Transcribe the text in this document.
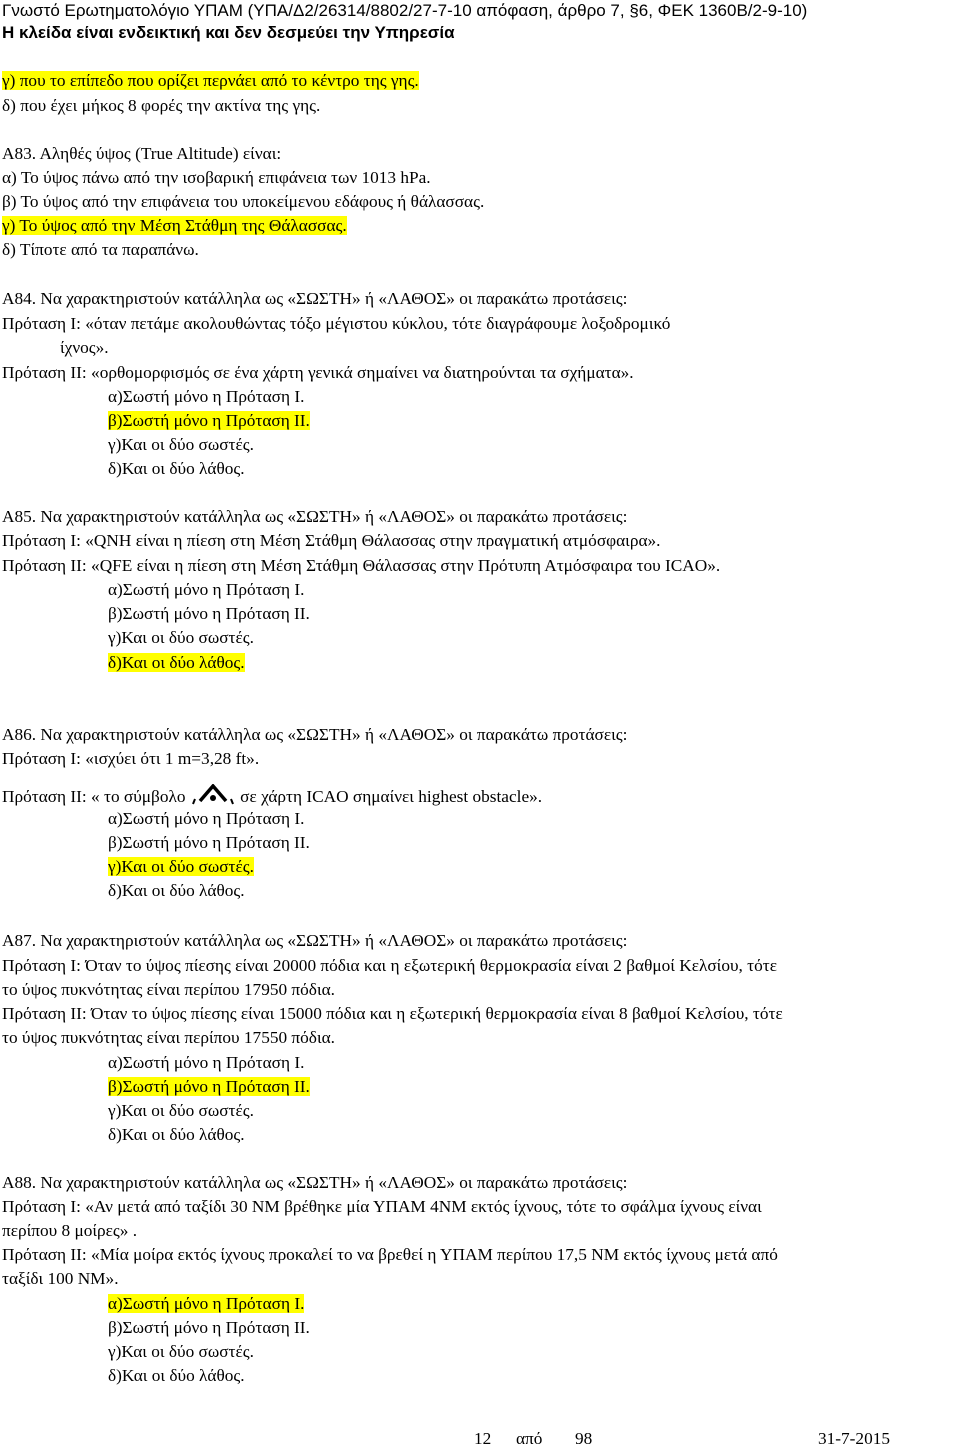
Γνωστό Ερωτηματολόγιο ΥΠΑΜ (ΥΠΑ/Δ2/26314/8802/27-7-10 απόφαση, άρθρο 7, §6, ΦΕΚ 1360Β/2-9-10)
Η κλείδα είναι ενδεικτική και δεν δεσμεύει την Υπηρεσία
γ) που το επίπεδο που ορίζει περνάει από το κέντρο της γης.
δ) που έχει μήκος 8 φορές την ακτίνα της γης.
Α83. Αληθές ύψος (True Altitude) είναι:
α) Το ύψος πάνω από την ισοβαρική επιφάνεια των 1013 hPa.
β) Το ύψος από την επιφάνεια του υποκείμενου εδάφους ή θάλασσας.
γ) Το ύψος από την Μέση Στάθμη της Θάλασσας.
δ) Τίποτε από τα παραπάνω.
Α84. Να χαρακτηριστούν κατάλληλα ως «ΣΩΣΤΗ» ή «ΛΑΘΟΣ» οι παρακάτω προτάσεις:
Πρόταση Ι: «όταν πετάμε ακολουθώντας τόξο μέγιστου κύκλου, τότε διαγράφουμε λοξοδρομικό
ίχνος».
Πρόταση ΙΙ: «ορθομορφισμός σε ένα χάρτη γενικά σημαίνει να διατηρούνται τα σχήματα».
α)Σωστή μόνο η Πρόταση Ι.
β)Σωστή μόνο η Πρόταση ΙΙ.
γ)Και οι δύο σωστές.
δ)Και οι δύο λάθος.
Α85. Να χαρακτηριστούν κατάλληλα ως «ΣΩΣΤΗ» ή «ΛΑΘΟΣ» οι παρακάτω προτάσεις:
Πρόταση Ι: «QNH είναι η πίεση στη Μέση Στάθμη Θάλασσας στην πραγματική ατμόσφαιρα».
Πρόταση ΙΙ: «QFE είναι η πίεση στη Μέση Στάθμη Θάλασσας στην Πρότυπη Ατμόσφαιρα του ICAO».
α)Σωστή μόνο η Πρόταση Ι.
β)Σωστή μόνο η Πρόταση ΙΙ.
γ)Και οι δύο σωστές.
δ)Και οι δύο λάθος.
Α86. Να χαρακτηριστούν κατάλληλα ως «ΣΩΣΤΗ» ή «ΛΑΘΟΣ» οι παρακάτω προτάσεις:
Πρόταση Ι: «ισχύει ότι 1 m=3,28 ft».
Πρόταση ΙΙ: « το σύμβολο	σε χάρτη ICAO σημαίνει highest obstacle».
α)Σωστή μόνο η Πρόταση Ι.
β)Σωστή μόνο η Πρόταση ΙΙ.
γ)Και οι δύο σωστές.
δ)Και οι δύο λάθος.
Α87. Να χαρακτηριστούν κατάλληλα ως «ΣΩΣΤΗ» ή «ΛΑΘΟΣ» οι παρακάτω προτάσεις:
Πρόταση Ι: Όταν το ύψος πίεσης είναι 20000 πόδια και η εξωτερική θερμοκρασία είναι 2 βαθμοί Κελσίου, τότε
το ύψος πυκνότητας είναι περίπου 17950 πόδια.
Πρόταση ΙΙ: Όταν το ύψος πίεσης είναι 15000 πόδια και η εξωτερική θερμοκρασία είναι 8 βαθμοί Κελσίου, τότε
το ύψος πυκνότητας είναι περίπου 17550 πόδια.
α)Σωστή μόνο η Πρόταση Ι.
β)Σωστή μόνο η Πρόταση ΙΙ.
γ)Και οι δύο σωστές.
δ)Και οι δύο λάθος.
Α88. Να χαρακτηριστούν κατάλληλα ως «ΣΩΣΤΗ» ή «ΛΑΘΟΣ» οι παρακάτω προτάσεις:
Πρόταση Ι: «Αν μετά από ταξίδι 30 NM βρέθηκε μία ΥΠΑΜ 4NM εκτός ίχνους, τότε το σφάλμα ίχνους είναι
περίπου 8 μοίρες» .
Πρόταση ΙΙ: «Μία μοίρα εκτός ίχνους προκαλεί το να βρεθεί η ΥΠΑΜ περίπου 17,5 NM εκτός ίχνους μετά από
ταξίδι 100 NM».
α)Σωστή μόνο η Πρόταση Ι.
β)Σωστή μόνο η Πρόταση ΙΙ.
γ)Και οι δύο σωστές.
δ)Και οι δύο λάθος.
12 από 98	31-7-2015
